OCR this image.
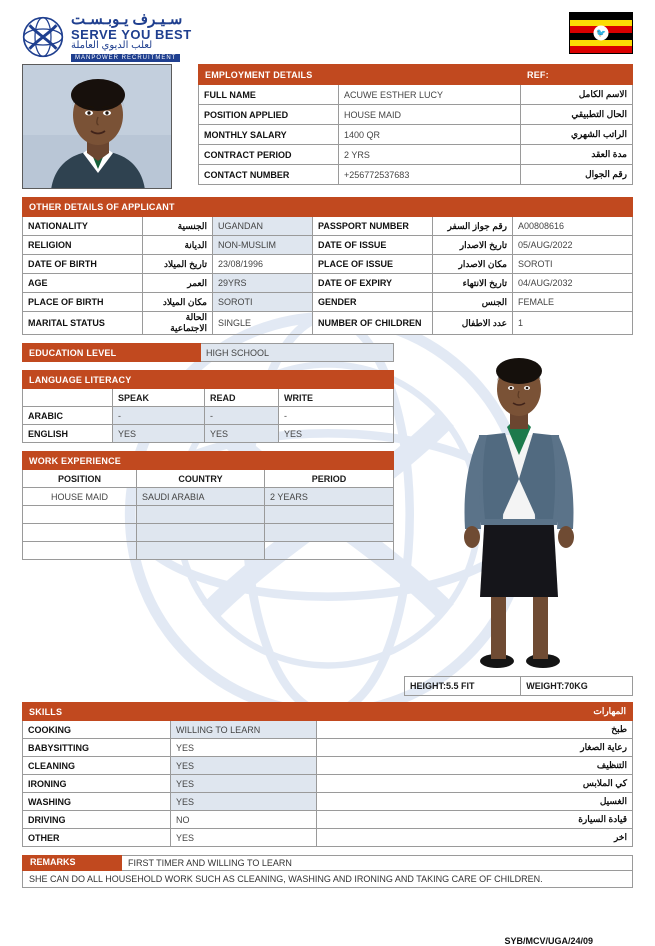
سـيـرف يـوبـسـت
SERVE YOU BEST
لعلب الديوي العاملة
MANPOWER RECRUITMENT
🐦
EMPLOYMENT DETAILS		REF:
FULL NAME	ACUWE ESTHER LUCY	الاسم الكامل
POSITION APPLIED	HOUSE MAID	الحال التطبيقي
MONTHLY SALARY	1400 QR	الراتب الشهري
CONTRACT PERIOD	2 YRS	مدة العقد
CONTACT NUMBER	+256772537683	رقم الجوال
OTHER DETAILS OF APPLICANT					
NATIONALITY	الجنسية	UGANDAN	PASSPORT NUMBER	رقم جواز السفر	A00808616
RELIGION	الديانة	NON-MUSLIM	DATE OF ISSUE	تاريخ الاصدار	05/AUG/2022
DATE OF BIRTH	تاريخ الميلاد	23/08/1996	PLACE OF ISSUE	مكان الاصدار	SOROTI
AGE	العمر	29YRS	DATE OF EXPIRY	تاريخ الانتهاء	04/AUG/2032
PLACE OF BIRTH	مكان الميلاد	SOROTI	GENDER	الجنس	FEMALE
MARITAL STATUS	الحالة الاجتماعية	SINGLE	NUMBER OF CHILDREN	عدد الاطفال	1
EDUCATION LEVEL	HIGH SCHOOL
LANGUAGE LITERACY			
	SPEAK	READ	WRITE
ARABIC	-	-	-
ENGLISH	YES	YES	YES
WORK EXPERIENCE		
POSITION	COUNTRY	PERIOD
HOUSE MAID	SAUDI ARABIA	2 YEARS

HEIGHT:5.5 FIT	WEIGHT:70KG
SKILLS		المهارات
COOKING	WILLING TO LEARN	طبخ
BABYSITTING	YES	رعاية الصغار
CLEANING	YES	التنظيف
IRONING	YES	كي الملابس
WASHING	YES	الغسيل
DRIVING	NO	قيادة السيارة
OTHER	YES	اخر
REMARKS	FIRST TIMER AND WILLING TO LEARN
SHE CAN DO ALL HOUSEHOLD WORK SUCH AS CLEANING, WASHING AND IRONING AND TAKING CARE OF CHILDREN.
SYB/MCV/UGA/24/09
